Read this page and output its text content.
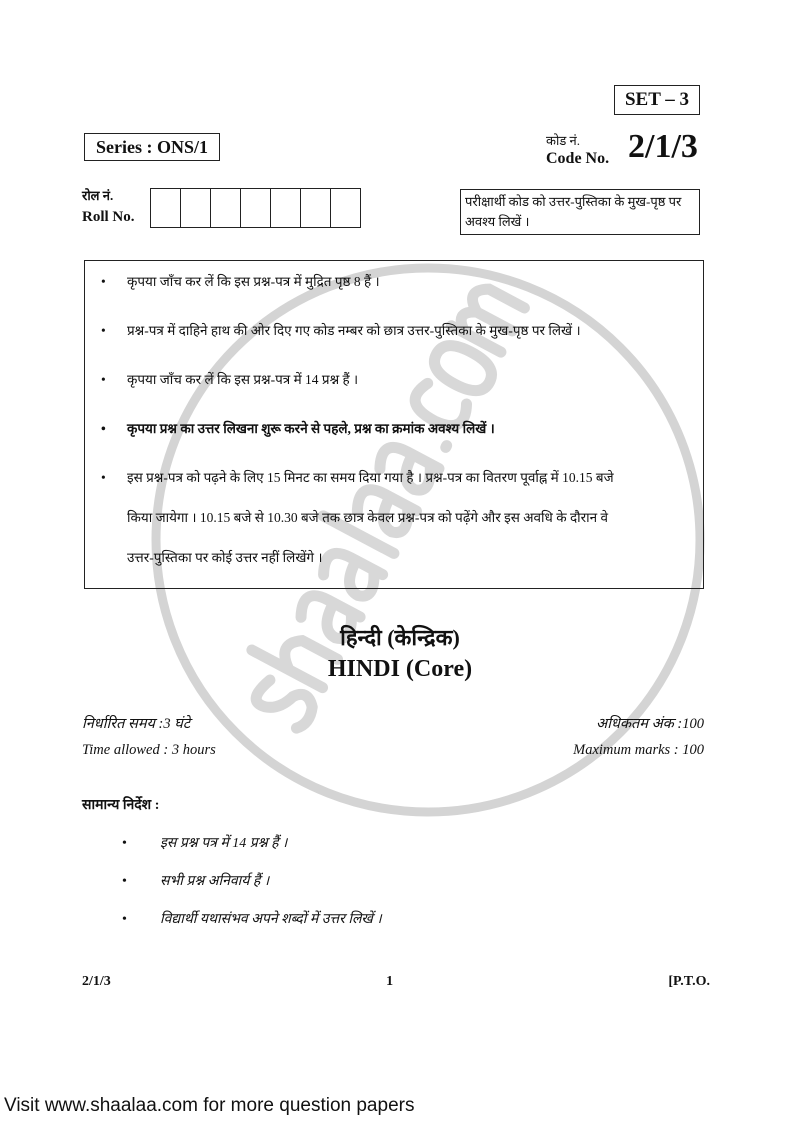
SET – 3
Series : ONS/1	कोड नं.
Code No. 2/1/3
रोल नं.
Roll No.
परीक्षार्थी कोड को उत्तर-पुस्तिका के मुख-पृष्ठ पर अवश्य लिखें ।
• कृपया जाँच कर लें कि इस प्रश्न-पत्र में मुद्रित पृष्ठ 8 हैं ।
• प्रश्न-पत्र में दाहिने हाथ की ओर दिए गए कोड नम्बर को छात्र उत्तर-पुस्तिका के मुख-पृष्ठ पर लिखें ।
• कृपया जाँच कर लें कि इस प्रश्न-पत्र में 14 प्रश्न हैं ।
• कृपया प्रश्न का उत्तर लिखना शुरू करने से पहले, प्रश्न का क्रमांक अवश्य लिखें ।
• इस प्रश्न-पत्र को पढ़ने के लिए 15 मिनट का समय दिया गया है । प्रश्न-पत्र का वितरण पूर्वाह्न में 10.15 बजे
किया जायेगा । 10.15 बजे से 10.30 बजे तक छात्र केवल प्रश्न-पत्र को पढ़ेंगे और इस अवधि के दौरान वे
उत्तर-पुस्तिका पर कोई उत्तर नहीं लिखेंगे ।
हिन्दी (केन्द्रिक)
HINDI (Core)
निर्धारित समय :3 घंटे	अधिकतम अंक :100
Time allowed : 3 hours	Maximum marks : 100
सामान्य निर्देश :
• इस प्रश्न पत्र में 14 प्रश्न हैं ।
• सभी प्रश्न अनिवार्य हैं ।
• विद्यार्थी यथासंभव अपने शब्दों में उत्तर लिखें ।
2/1/3	1	[P.T.O.
Visit www.shaalaa.com for more question papers
